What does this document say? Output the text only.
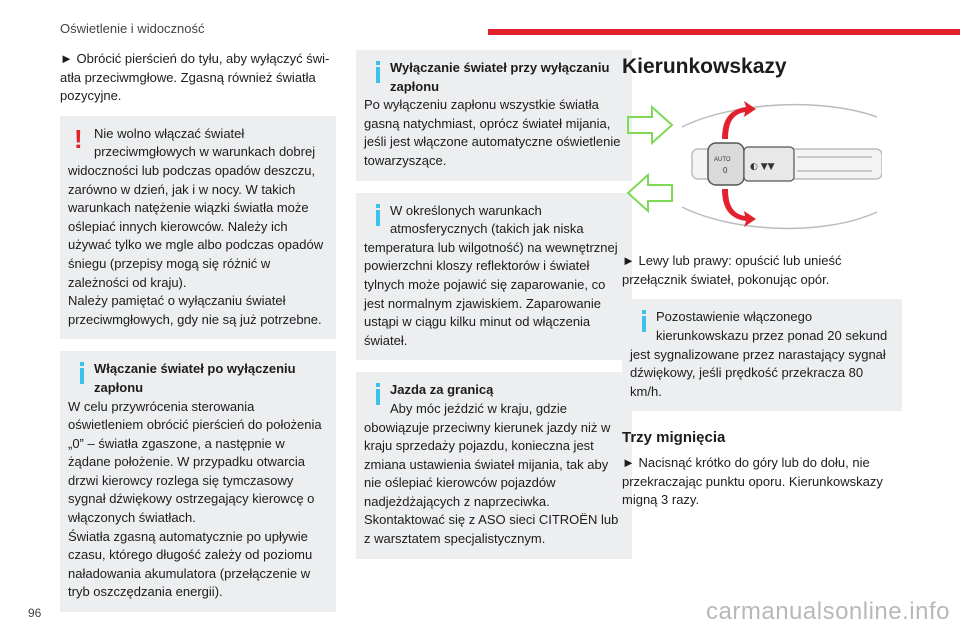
Oświetlenie i widoczność

► Obrócić pierścień do tyłu, aby wyłączyć światła przeciwmgłowe. Zgasną również światła pozycyjne.

! Nie wolno włączać świateł przeciwmgłowych w warunkach dobrej

widoczności lub podczas opadów deszczu, zarówno w dzień, jak i w nocy. W takich warunkach natężenie wiązki światła może oślepiać innych kierowców. Należy ich używać tylko we mgle albo podczas opadów śniegu (przepisy mogą się różnić w zależności od kraju).

Należy pamiętać o wyłączaniu świateł przeciwmgłowych, gdy nie są już potrzebne.

Włączanie świateł po wyłączeniu zapłonu

W celu przywrócenia sterowania oświetleniem obrócić pierścień do położenia „0” – światła zgaszone, a następnie w żądane położenie. W przypadku otwarcia drzwi kierowcy rozlega się tymczasowy sygnał dźwiękowy ostrzegający kierowcę o włączonych światłach.

Światła zgasną automatycznie po upływie czasu, którego długość zależy od poziomu naładowania akumulatora (przełączenie w tryb oszczędzania energii).

Wyłączanie świateł przy wyłączaniu zapłonu

Po wyłączeniu zapłonu wszystkie światła gasną natychmiast, oprócz świateł mijania, jeśli jest włączone automatyczne oświetlenie towarzyszące.

W określonych warunkach atmosferycznych (takich jak niska

temperatura lub wilgotność) na wewnętrznej powierzchni kloszy reflektorów i świateł tylnych może pojawić się zaparowanie, co jest normalnym zjawiskiem. Zaparowanie ustąpi w ciągu kilku minut od włączenia świateł.

Jazda za granicą

Aby móc jeździć w kraju, gdzie

obowiązuje przeciwny kierunek jazdy niż w kraju sprzedaży pojazdu, konieczna jest zmiana ustawienia świateł mijania, tak aby nie oślepiać kierowców pojazdów nadjeżdżających z naprzeciwka.

Skontaktować się z ASO sieci CITROËN lub z warsztatem specjalistycznym.

Kierunkowskazy
AUTO
0	◐ ▼▼

► Lewy lub prawy: opuścić lub unieść przełącznik świateł, pokonując opór.

Pozostawienie włączonego kierunkowskazu przez ponad 20 sekund

jest sygnalizowane przez narastający sygnał dźwiękowy, jeśli prędkość przekracza 80 km/h.

Trzy mignięcia

► Nacisnąć krótko do góry lub do dołu, nie przekraczając punktu oporu. Kierunkowskazy migną 3 razy.

96	carmanualsonline.info
